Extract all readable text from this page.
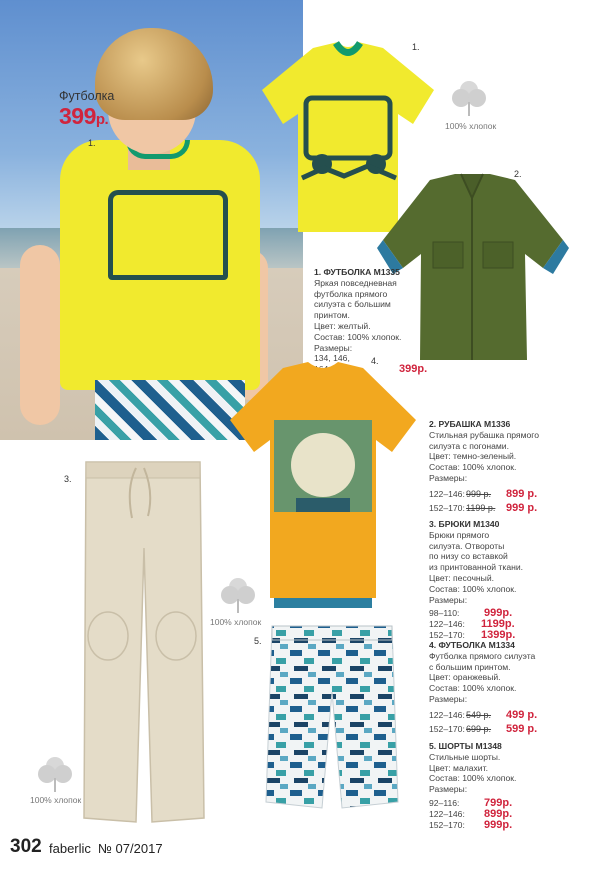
Футболка
399р.
1.
1.
100% хлопок
2.
1. ФУТБОЛКА M1335
Яркая повседневная
футболка прямого
силуэта с большим
принтом.
Цвет: желтый.
Состав: 100% хлопок.
Размеры:
134, 146,
399р.
4.
2. РУБАШКА M1336
Стильная рубашка прямого
силуэта с погонами.
Цвет: темно-зеленый.
Состав: 100% хлопок.
Размеры:
122–146: 999 р.	899 р.
152–170: 1199 р. 999 р.
3.
100% хлопок
100% хлопок
3. БРЮКИ M1340
Брюки прямого
силуэта. Отвороты
по низу со вставкой
из принтованной ткани.
Цвет: песочный.
Состав: 100% хлопок.
Размеры:
98–110:	999р.
122–146:	1199р.
152–170:	1399р.
5.	4. ФУТБОЛКА M1334
Футболка прямого силуэта
с большим принтом.
Цвет: оранжевый.
Состав: 100% хлопок.
Размеры:
122–146: 549 р.	499 р.
152–170: 699 р.	599 р.
5. ШОРТЫ M1348
Стильные шорты.
Цвет: малахит.
Состав: 100% хлопок.
Размеры:
92–116:	799р.
122–146:	899р.
152–170:	999р.
302 faberlic № 07/2017
